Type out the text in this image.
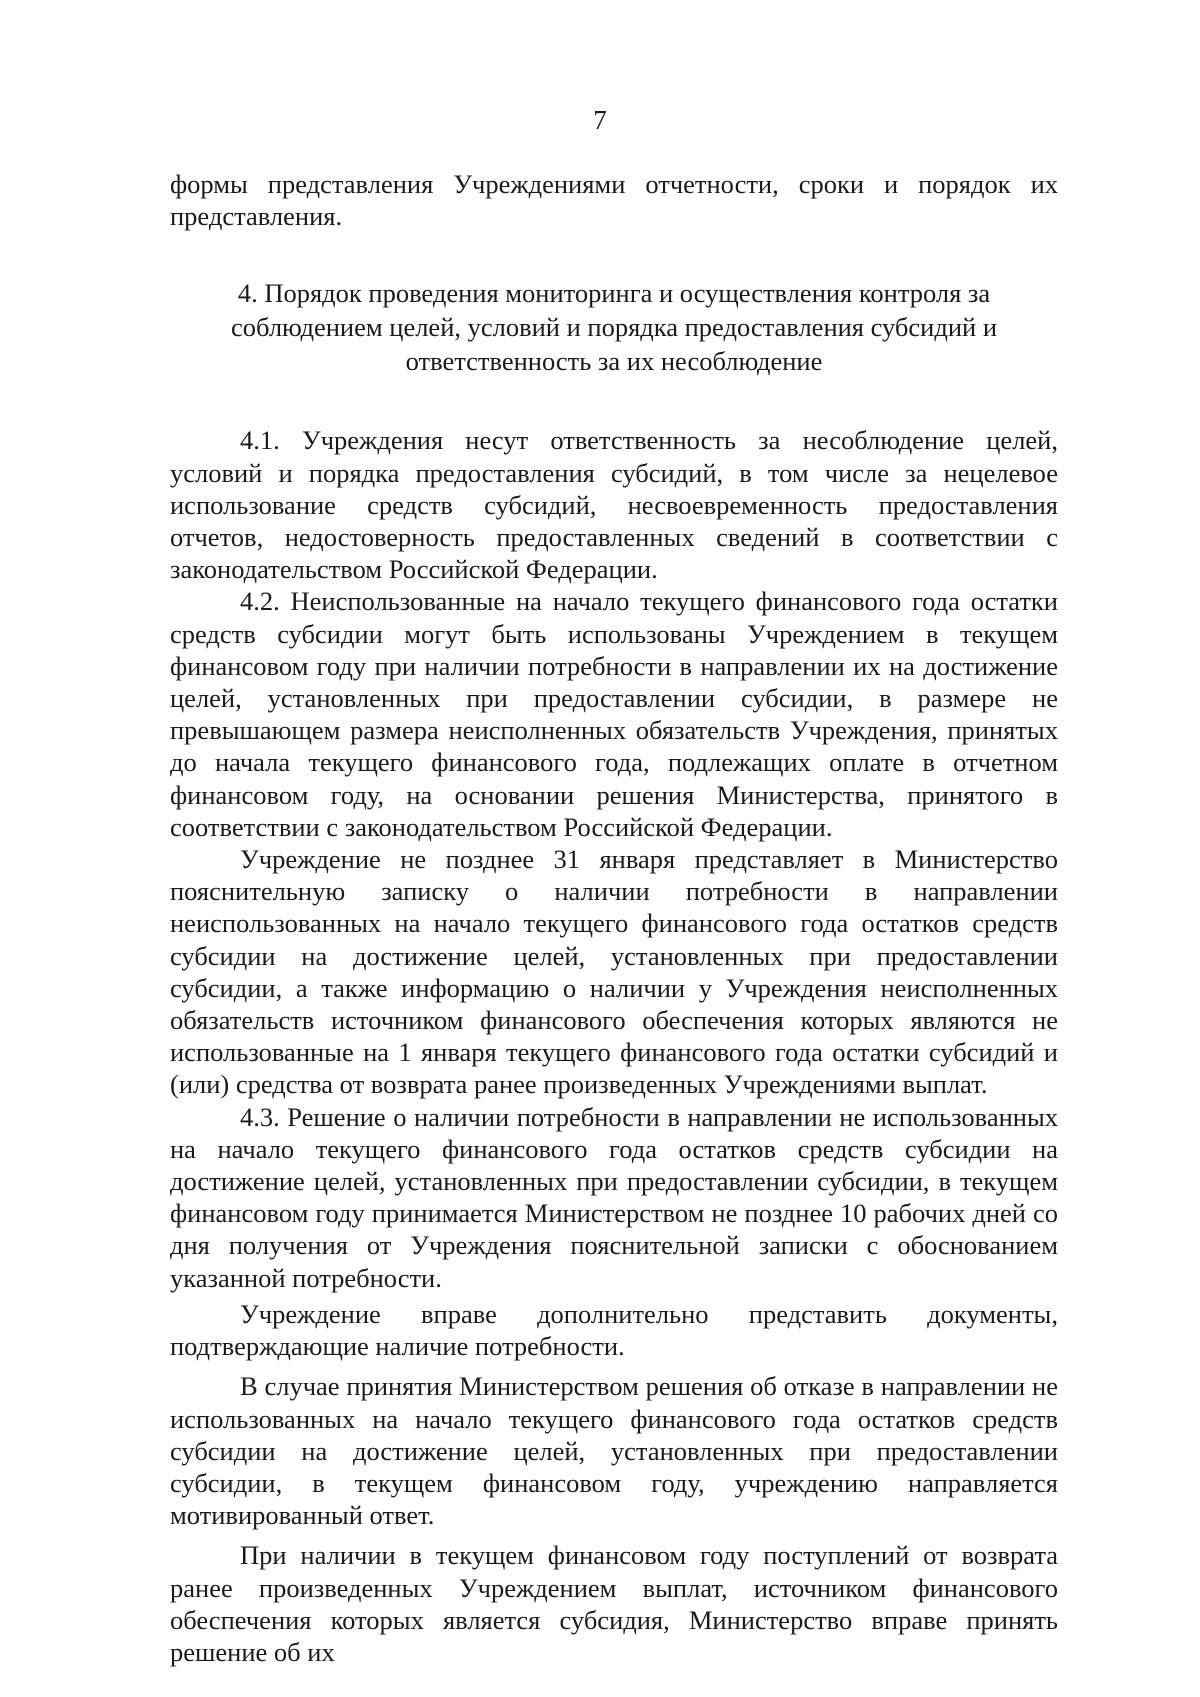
7

формы представления Учреждениями отчетности, сроки и порядок их представления.

4. Порядок проведения мониторинга и осуществления контроля за соблюдением целей, условий и порядка предоставления субсидий и ответственность за их несоблюдение

4.1. Учреждения несут ответственность за несоблюдение целей, условий и порядка предоставления субсидий, в том числе за нецелевое использование средств субсидий, несвоевременность предоставления отчетов, недостоверность предоставленных сведений в соответствии с законодательством Российской Федерации.

4.2. Неиспользованные на начало текущего финансового года остатки средств субсидии могут быть использованы Учреждением в текущем финансовом году при наличии потребности в направлении их на достижение целей, установленных при предоставлении субсидии, в размере не превышающем размера неисполненных обязательств Учреждения, принятых до начала текущего финансового года, подлежащих оплате в отчетном финансовом году, на основании решения Министерства, принятого в соответствии с законодательством Российской Федерации.

Учреждение не позднее 31 января представляет в Министерство пояснительную записку о наличии потребности в направлении неиспользованных на начало текущего финансового года остатков средств субсидии на достижение целей, установленных при предоставлении субсидии, а также информацию о наличии у Учреждения неисполненных обязательств источником финансового обеспечения которых являются не использованные на 1 января текущего финансового года остатки субсидий и (или) средства от возврата ранее произведенных Учреждениями выплат.

4.3. Решение о наличии потребности в направлении не использованных на начало текущего финансового года остатков средств субсидии на достижение целей, установленных при предоставлении субсидии, в текущем финансовом году принимается Министерством не позднее 10 рабочих дней со дня получения от Учреждения пояснительной записки с обоснованием указанной потребности.

Учреждение вправе дополнительно представить документы, подтверждающие наличие потребности.

В случае принятия Министерством решения об отказе в направлении не использованных на начало текущего финансового года остатков средств субсидии на достижение целей, установленных при предоставлении субсидии, в текущем финансовом году, учреждению направляется мотивированный ответ.

При наличии в текущем финансовом году поступлений от возврата ранее произведенных Учреждением выплат, источником финансового обеспечения которых является субсидия, Министерство вправе принять решение об их
